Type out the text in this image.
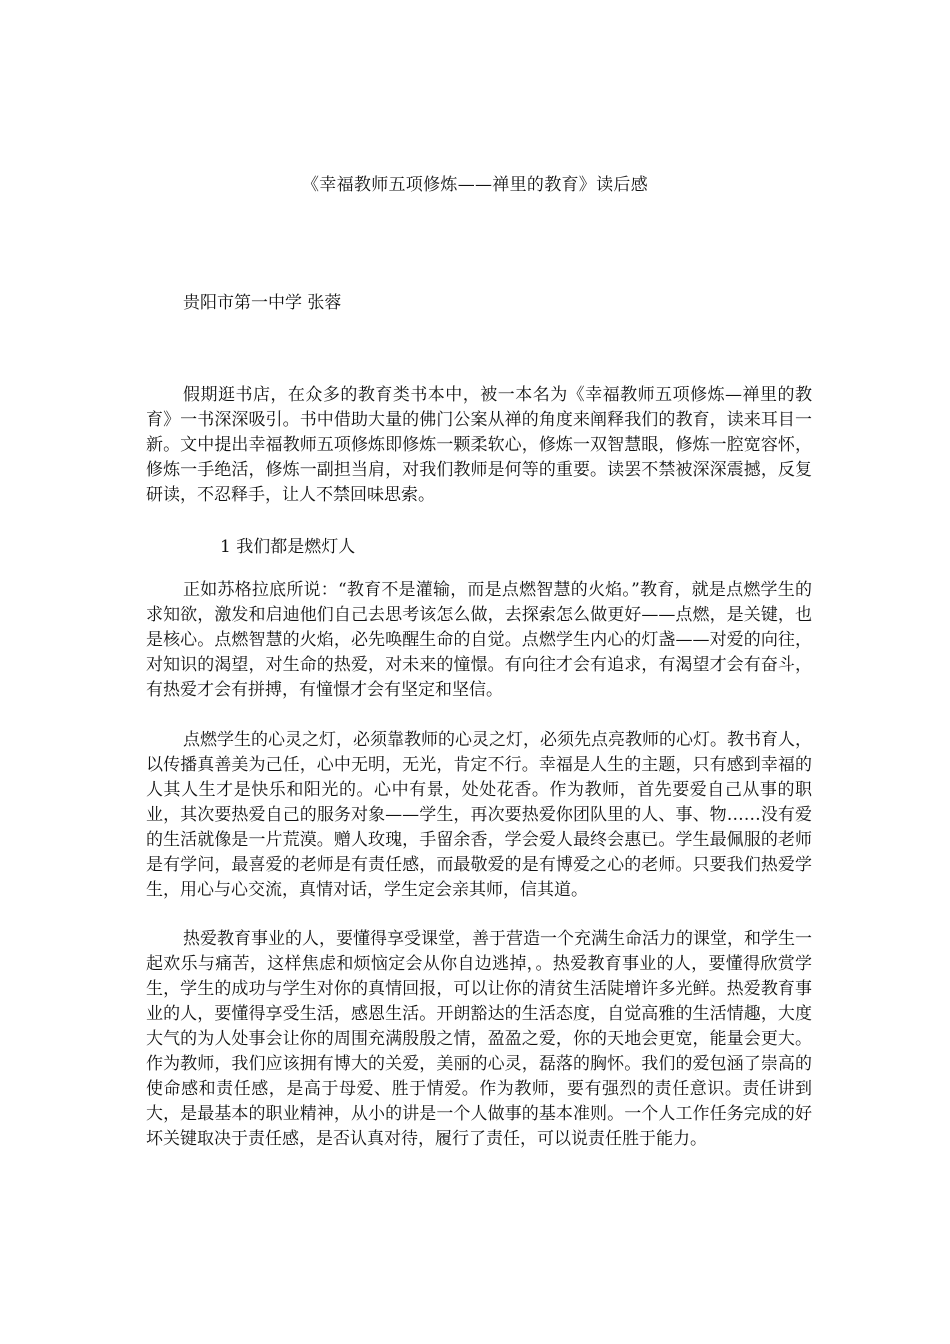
《幸福教师五项修炼——禅里的教育》读后感
贵阳市第一中学 张蓉

假期逛书店，在众多的教育类书本中，被一本名为《幸福教师五项修炼—禅里的教育》一书深深吸引。书中借助大量的佛门公案从禅的角度来阐释我们的教育，读来耳目一新。文中提出幸福教师五项修炼即修炼一颗柔软心，修炼一双智慧眼，修炼一腔宽容怀，修炼一手绝活，修炼一副担当肩，对我们教师是何等的重要。读罢不禁被深深震撼，反复研读，不忍释手，让人不禁回味思索。

1 我们都是燃灯人

正如苏格拉底所说：“教育不是灌输，而是点燃智慧的火焰。”教育，就是点燃学生的求知欲，激发和启迪他们自己去思考该怎么做，去探索怎么做更好——点燃，是关键，也是核心。点燃智慧的火焰，必先唤醒生命的自觉。点燃学生内心的灯盏——对爱的向往，对知识的渴望，对生命的热爱，对未来的憧憬。有向往才会有追求，有渴望才会有奋斗，有热爱才会有拼搏，有憧憬才会有坚定和坚信。

点燃学生的心灵之灯，必须靠教师的心灵之灯，必须先点亮教师的心灯。教书育人，以传播真善美为己任，心中无明，无光，肯定不行。幸福是人生的主题，只有感到幸福的人其人生才是快乐和阳光的。心中有景，处处花香。作为教师，首先要爱自己从事的职业，其次要热爱自己的服务对象——学生，再次要热爱你团队里的人、事、物……没有爱的生活就像是一片荒漠。赠人玫瑰，手留余香，学会爱人最终会惠已。学生最佩服的老师是有学问，最喜爱的老师是有责任感，而最敬爱的是有博爱之心的老师。只要我们热爱学生，用心与心交流，真情对话，学生定会亲其师，信其道。

热爱教育事业的人，要懂得享受课堂，善于营造一个充满生命活力的课堂，和学生一起欢乐与痛苦，这样焦虑和烦恼定会从你自边逃掉，。热爱教育事业的人，要懂得欣赏学生，学生的成功与学生对你的真情回报，可以让你的清贫生活陡增许多光鲜。热爱教育事业的人，要懂得享受生活，感恩生活。开朗豁达的生活态度，自觉高雅的生活情趣，大度大气的为人处事会让你的周围充满殷殷之情，盈盈之爱，你的天地会更宽，能量会更大。作为教师，我们应该拥有博大的关爱，美丽的心灵，磊落的胸怀。我们的爱包涵了崇高的使命感和责任感，是高于母爱、胜于情爱。作为教师，要有强烈的责任意识。责任讲到大，是最基本的职业精神，从小的讲是一个人做事的基本准则。一个人工作任务完成的好坏关键取决于责任感，是否认真对待，履行了责任，可以说责任胜于能力。
